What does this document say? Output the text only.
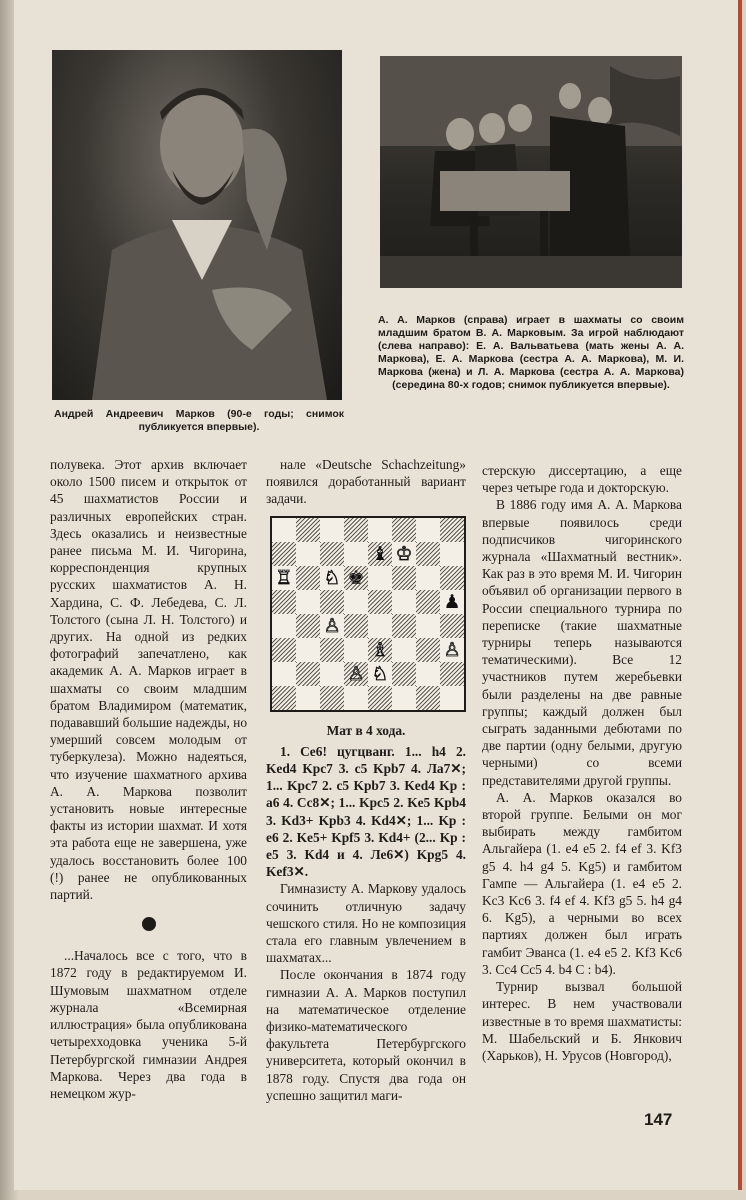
Андрей Андреевич Марков (90-е годы; снимок публикуется впервые).
А. А. Марков (справа) играет в шахматы со своим младшим братом В. А. Марковым. За игрой наблюдают (слева направо): Е. А. Вальватьева (мать жены А. А. Маркова), Е. А. Маркова (сестра А. А. Маркова), М. И. Маркова (жена) и Л. А. Маркова (сестра А. А. Маркова) (середина 80-х годов; снимок публикуется впервые).

полувека. Этот архив включает около 1500 писем и открыток от 45 шахматистов России и различных европейских стран. Здесь оказались и неизвестные ранее письма М. И. Чигорина, корреспонденция крупных русских шахматистов А. Н. Хардина, С. Ф. Лебедева, С. Л. Толстого (сына Л. Н. Толстого) и других. На одной из редких фотографий запечатлено, как академик А. А. Марков играет в шахматы со своим младшим братом Владимиром (математик, подававший большие надежды, но умерший совсем молодым от туберкулеза). Можно надеяться, что изучение шахматного архива А. А. Маркова позволит установить новые интересные факты из истории шахмат. И хотя эта работа еще не завершена, уже удалось восстановить более 100 (!) ранее не опубликованных партий.

...Началось все с того, что в 1872 году в редактируемом И. Шумовым шахматном отделе журнала «Всемирная иллюстрация» была опубликована четырехходовка ученика 5-й Петербургской гимназии Андрея Маркова. Через два года в немецком жур-

нале «Deutsche Schachzeitung» появился доработанный вариант задачи.

♝ ♔
♖ ♘ ♚
♟
♙
♗	♙
♙ ♘
Мат в 4 хода.

1. Ce6! цугцванг. 1... h4 2. Ked4 Kpc7 3. c5 Kpb7 4. Ла7✕; 1... Kpc7 2. c5 Kpb7 3. Ked4 Kp : a6 4. Cc8✕; 1... Kpc5 2. Ke5 Kpb4 3. Kd3+ Kpb3 4. Kd4✕; 1... Kp : e6 2. Ke5+ Kpf5 3. Kd4+ (2... Kp : e5 3. Kd4 и 4. Ле6✕) Kpg5 4. Kef3✕.

Гимназисту А. Маркову удалось сочинить отличную задачу чешского стиля. Но не композиция стала его главным увлечением в шахматах...

После окончания в 1874 году гимназии А. А. Марков поступил на математическое отделение физико-математического факультета Петербургского университета, который окончил в 1878 году. Спустя два года он успешно защитил маги-

стерскую диссертацию, а еще через четыре года и докторскую.

В 1886 году имя А. А. Маркова впервые появилось среди подписчиков чигоринского журнала «Шахматный вестник». Как раз в это время М. И. Чигорин объявил об организации первого в России специального турнира по переписке (такие шахматные турниры теперь называются тематическими). Все 12 участников путем жеребьевки были разделены на две равные группы; каждый должен был сыграть заданными дебютами по две партии (одну белыми, другую черными) со всеми представителями другой группы.

А. А. Марков оказался во второй группе. Белыми он мог выбирать между гамбитом Альгайера (1. e4 e5 2. f4 ef 3. Kf3 g5 4. h4 g4 5. Kg5) и гамбитом Гампе — Альгайера (1. e4 e5 2. Kc3 Kc6 3. f4 ef 4. Kf3 g5 5. h4 g4 6. Kg5), а черными во всех партиях должен был играть гамбит Эванса (1. e4 e5 2. Kf3 Kc6 3. Cc4 Cc5 4. b4 C : b4).

Турнир вызвал большой интерес. В нем участвовали известные в то время шахматисты: М. Шабельский и Б. Янкович (Харьков), Н. Урусов (Новгород),

147
